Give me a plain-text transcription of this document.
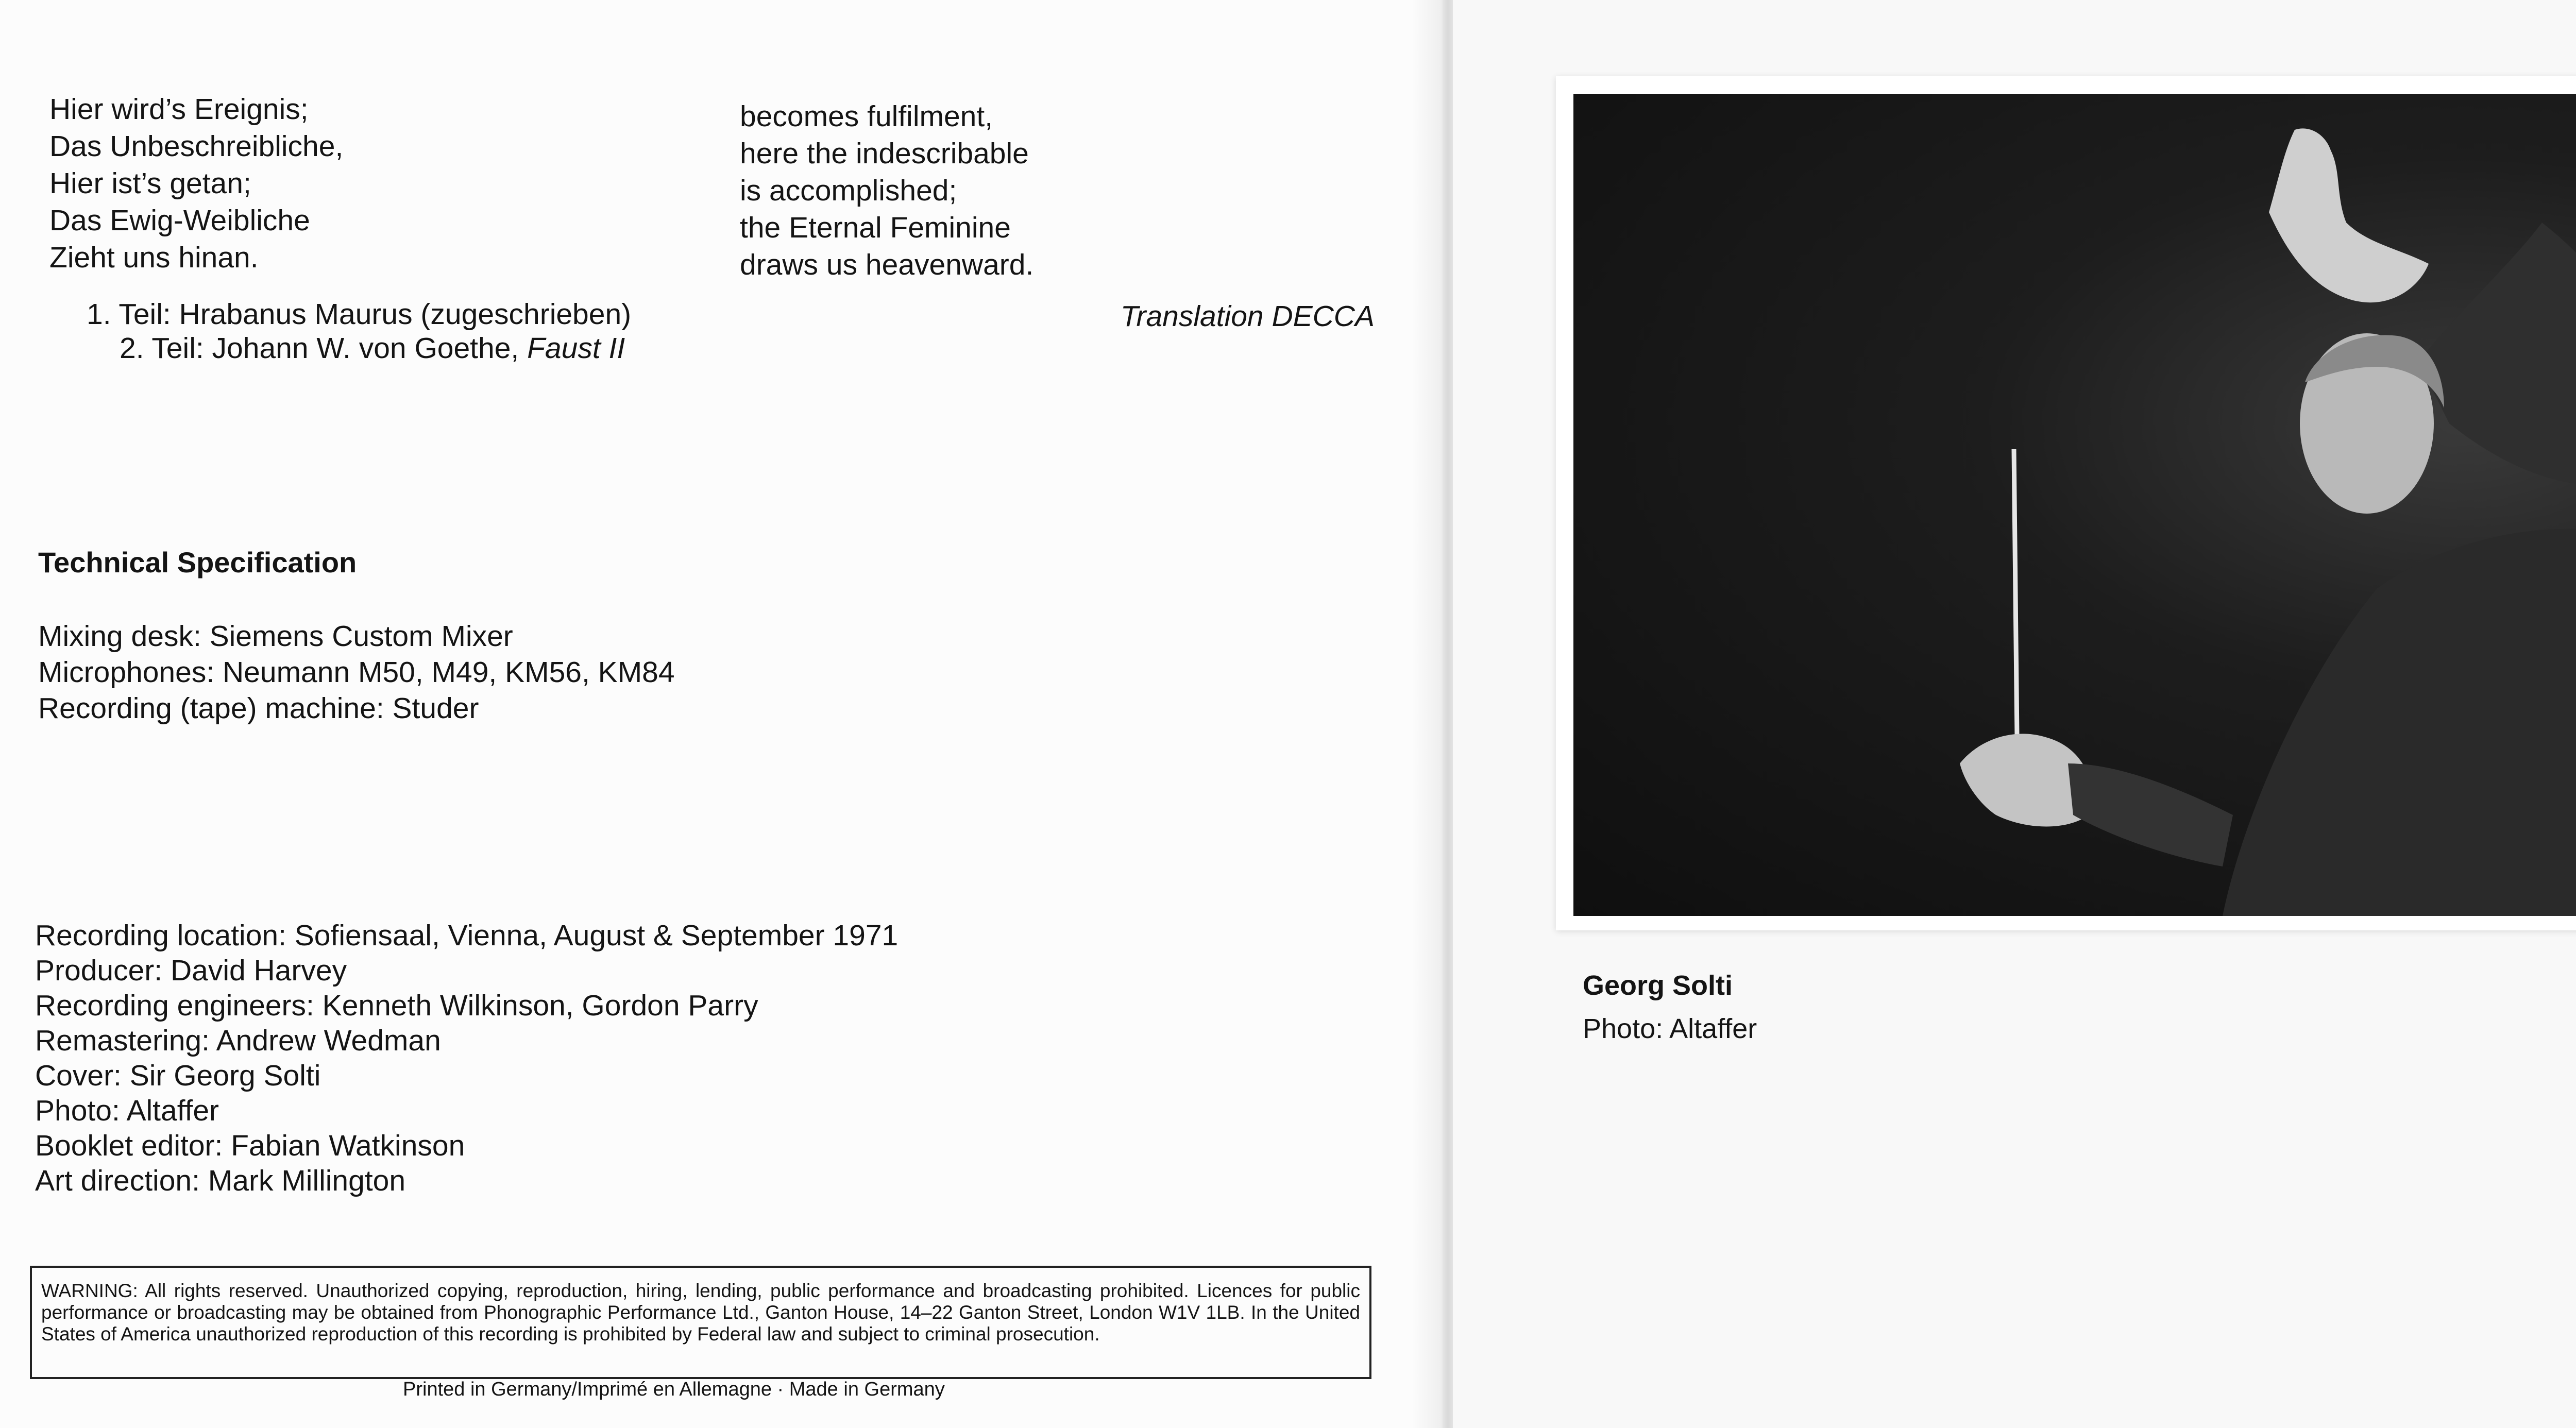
Hier wird’s Ereignis;
Das Unbeschreibliche,
Hier ist’s getan;
Das Ewig-Weibliche
Zieht uns hinan.
1. Teil: Hrabanus Maurus (zugeschrieben)
2. Teil: Johann W. von Goethe, Faust II
becomes fulfilment,
here the indescribable
is accomplished;
the Eternal Feminine
draws us heavenward.
Translation DECCA
Technical Specification
Mixing desk: Siemens Custom Mixer
Microphones: Neumann M50, M49, KM56, KM84
Recording (tape) machine: Studer
Recording location: Sofiensaal, Vienna, August & September 1971
Producer: David Harvey
Recording engineers: Kenneth Wilkinson, Gordon Parry
Remastering: Andrew Wedman
Cover: Sir Georg Solti
Photo: Altaffer
Booklet editor: Fabian Watkinson
Art direction: Mark Millington
WARNING: All rights reserved. Unauthorized copying, reproduction, hiring, lending, public performance and broadcasting prohibited. Licences for public performance or broadcasting may be obtained from Phonographic Performance Ltd., Ganton House, 14–22 Ganton Street, London W1V 1LB. In the United States of America unauthorized reproduction of this recording is prohibited by Federal law and subject to criminal prosecution.
Printed in Germany/Imprimé en Allemagne · Made in Germany
Georg Solti
Photo: Altaffer
